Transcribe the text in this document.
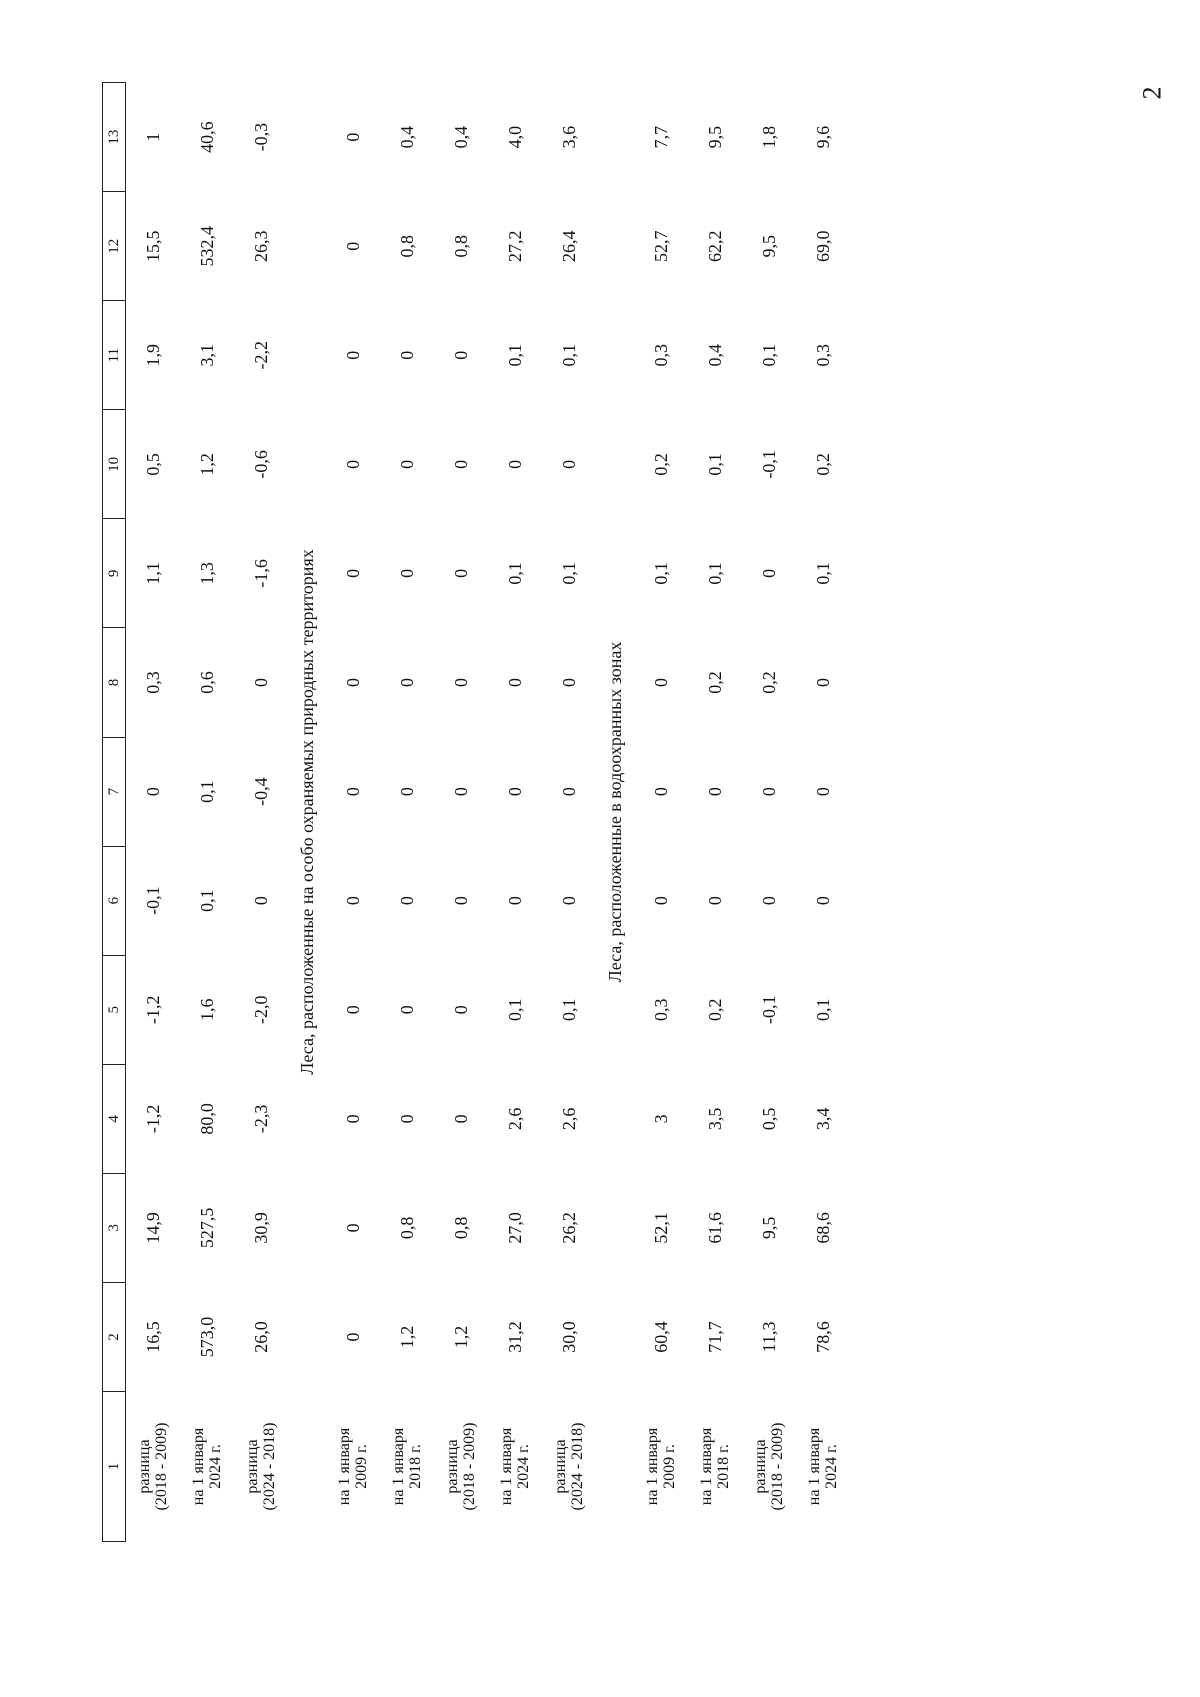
2
1	2	3	4	5	6	7	8	9	10	11	12	13
разница
(2018 - 2009)	16,5	14,9	-1,2	-1,2	-0,1	0	0,3	1,1	0,5	1,9	15,5	1
на 1 января
2024 г.	573,0	527,5	80,0	1,6	0,1	0,1	0,6	1,3	1,2	3,1	532,4	40,6
разница
(2024 - 2018)	26,0	30,9	-2,3	-2,0	0	-0,4	0	-1,6	-0,6	-2,2	26,3	-0,3
Леса, расположенные на особо охраняемых природных территориях												
на 1 января
2009 г.	0	0	0	0	0	0	0	0	0	0	0	0
на 1 января
2018 г.	1,2	0,8	0	0	0	0	0	0	0	0	0,8	0,4
разница
(2018 - 2009)	1,2	0,8	0	0	0	0	0	0	0	0	0,8	0,4
на 1 января
2024 г.	31,2	27,0	2,6	0,1	0	0	0	0,1	0	0,1	27,2	4,0
разница
(2024 - 2018)	30,0	26,2	2,6	0,1	0	0	0	0,1	0	0,1	26,4	3,6
Леса, расположенные в водоохранных зонах												
на 1 января
2009 г.	60,4	52,1	3	0,3	0	0	0	0,1	0,2	0,3	52,7	7,7
на 1 января
2018 г.	71,7	61,6	3,5	0,2	0	0	0,2	0,1	0,1	0,4	62,2	9,5
разница
(2018 - 2009)	11,3	9,5	0,5	-0,1	0	0	0,2	0	-0,1	0,1	9,5	1,8
на 1 января
2024 г.	78,6	68,6	3,4	0,1	0	0	0	0,1	0,2	0,3	69,0	9,6
